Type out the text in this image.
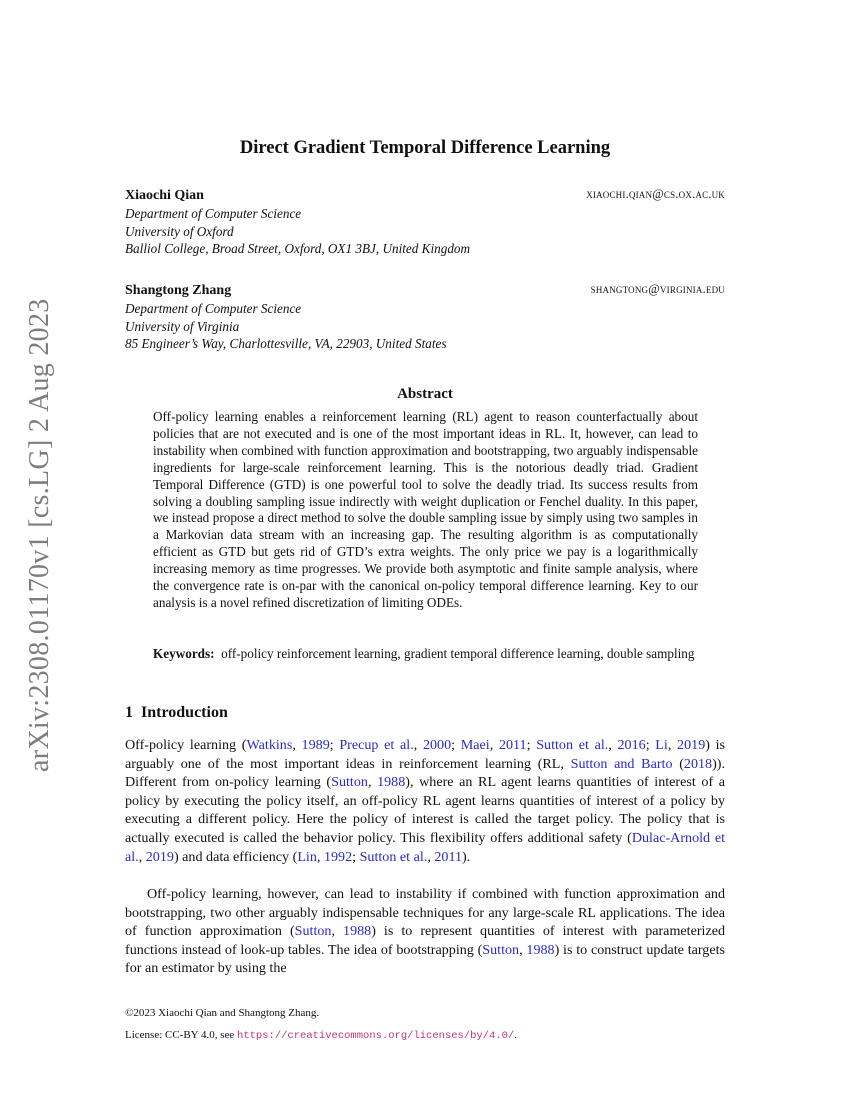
arXiv:2308.01170v1 [cs.LG] 2 Aug 2023
Direct Gradient Temporal Difference Learning
Xiaochi Qian	xiaochi.qian@cs.ox.ac.uk
Department of Computer Science
University of Oxford
Balliol College, Broad Street, Oxford, OX1 3BJ, United Kingdom
Shangtong Zhang	shangtong@virginia.edu
Department of Computer Science
University of Virginia
85 Engineer’s Way, Charlottesville, VA, 22903, United States
Abstract
Off-policy learning enables a reinforcement learning (RL) agent to reason counterfactually about policies that are not executed and is one of the most important ideas in RL. It, however, can lead to instability when combined with function approximation and bootstrapping, two arguably indispensable ingredients for large-scale reinforcement learning. This is the notorious deadly triad. Gradient Temporal Difference (GTD) is one powerful tool to solve the deadly triad. Its success results from solving a doubling sampling issue indirectly with weight duplication or Fenchel duality. In this paper, we instead propose a direct method to solve the double sampling issue by simply using two samples in a Markovian data stream with an increasing gap. The resulting algorithm is as computationally efficient as GTD but gets rid of GTD’s extra weights. The only price we pay is a logarithmically increasing memory as time progresses. We provide both asymptotic and finite sample analysis, where the convergence rate is on-par with the canonical on-policy temporal difference learning. Key to our analysis is a novel refined discretization of limiting ODEs.
Keywords: off-policy reinforcement learning, gradient temporal difference learning, double sampling
1 Introduction
Off-policy learning (Watkins, 1989; Precup et al., 2000; Maei, 2011; Sutton et al., 2016; Li, 2019) is arguably one of the most important ideas in reinforcement learning (RL, Sutton and Barto (2018)). Different from on-policy learning (Sutton, 1988), where an RL agent learns quantities of interest of a policy by executing the policy itself, an off-policy RL agent learns quantities of interest of a policy by executing a different policy. Here the policy of interest is called the target policy. The policy that is actually executed is called the behavior policy. This flexibility offers additional safety (Dulac-Arnold et al., 2019) and data efficiency (Lin, 1992; Sutton et al., 2011).
Off-policy learning, however, can lead to instability if combined with function approximation and bootstrapping, two other arguably indispensable techniques for any large-scale RL applications. The idea of function approximation (Sutton, 1988) is to represent quantities of interest with parameterized functions instead of look-up tables. The idea of bootstrapping (Sutton, 1988) is to construct update targets for an estimator by using the
©2023 Xiaochi Qian and Shangtong Zhang.
License: CC-BY 4.0, see https://creativecommons.org/licenses/by/4.0/.
